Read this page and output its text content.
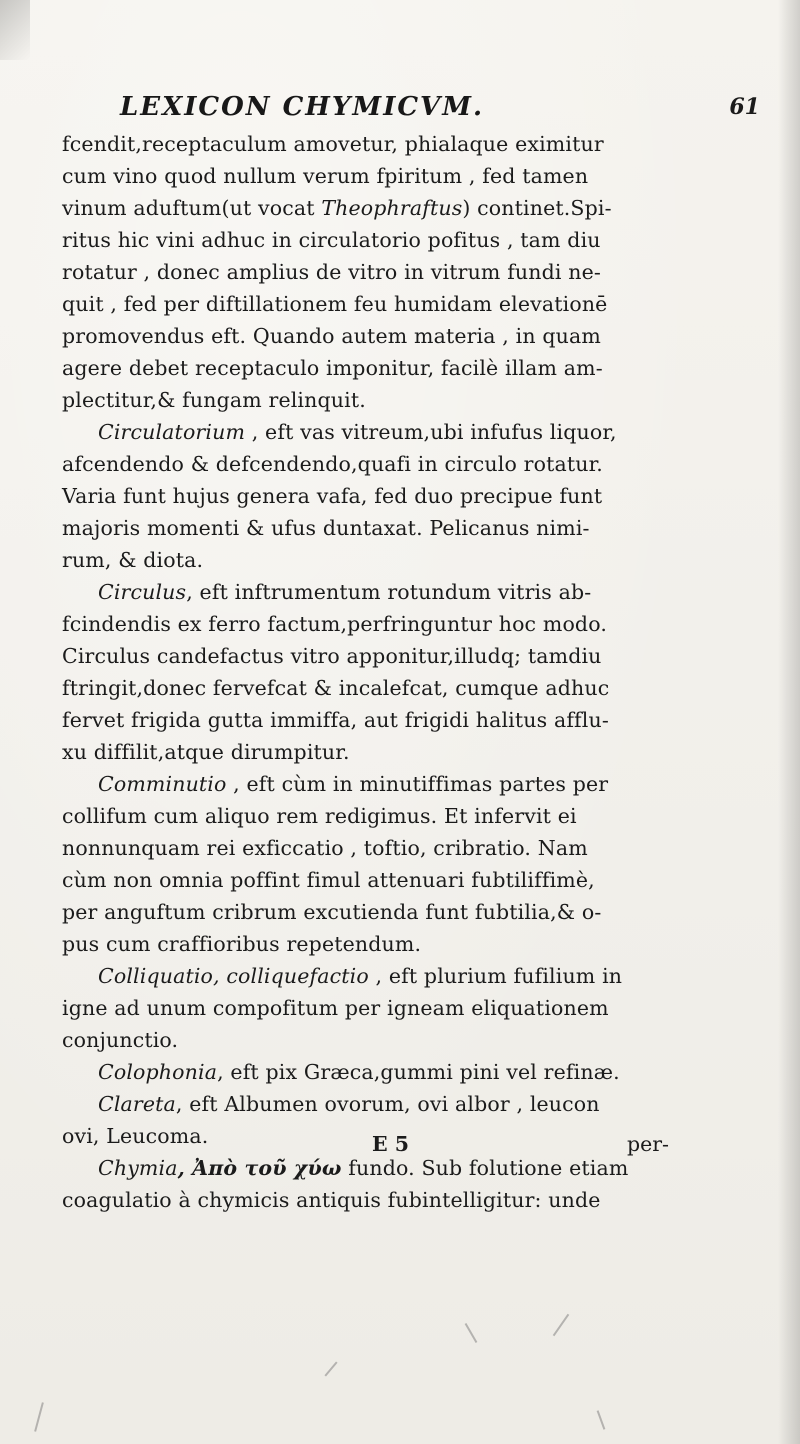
LEXICON CHYMICVM.	61
fcendit,receptaculum amovetur, phialaque eximitur
cum vino quod nullum verum fpiritum , fed tamen
vinum aduftum(ut vocat Theophraftus) continet.Spi-
ritus hic vini adhuc in circulatorio pofitus , tam diu
rotatur , donec amplius de vitro in vitrum fundi ne-
quit , fed per diftillationem feu humidam elevationē
promovendus eft. Quando autem materia , in quam
agere debet receptaculo imponitur, facilè illam am-
plectitur,& fungam relinquit.
Circulatorium , eft vas vitreum,ubi infufus liquor,
afcendendo & defcendendo,quafi in circulo rotatur.
Varia funt hujus genera vafa, fed duo precipue funt
majoris momenti & ufus duntaxat. Pelicanus nimi-
rum, & diota.
Circulus, eft inftrumentum rotundum vitris ab-
fcindendis ex ferro factum,perfringuntur hoc modo.
Circulus candefactus vitro apponitur,illudq; tamdiu
ftringit,donec fervefcat & incalefcat, cumque adhuc
fervet frigida gutta immiffa, aut frigidi halitus afflu-
xu diffilit,atque dirumpitur.
Comminutio , eft cùm in minutiffimas partes per
collifum cum aliquo rem redigimus. Et infervit ei
nonnunquam rei exficcatio , toftio, cribratio. Nam
cùm non omnia poffint fimul attenuari fubtiliffimè,
per anguftum cribrum excutienda funt fubtilia,& o-
pus cum craffioribus repetendum.
Colliquatio, colliquefactio , eft plurium fufilium in
igne ad unum compofitum per igneam eliquationem
conjunctio.
Colophonia, eft pix Græca,gummi pini vel refinæ.
Clareta, eft Albumen ovorum, ovi albor , leucon
ovi, Leucoma.
Chymia, Ἀπὸ τοῦ χύω fundo. Sub folutione etiam
coagulatio à chymicis antiquis fubintelligitur: unde
E 5	per-
